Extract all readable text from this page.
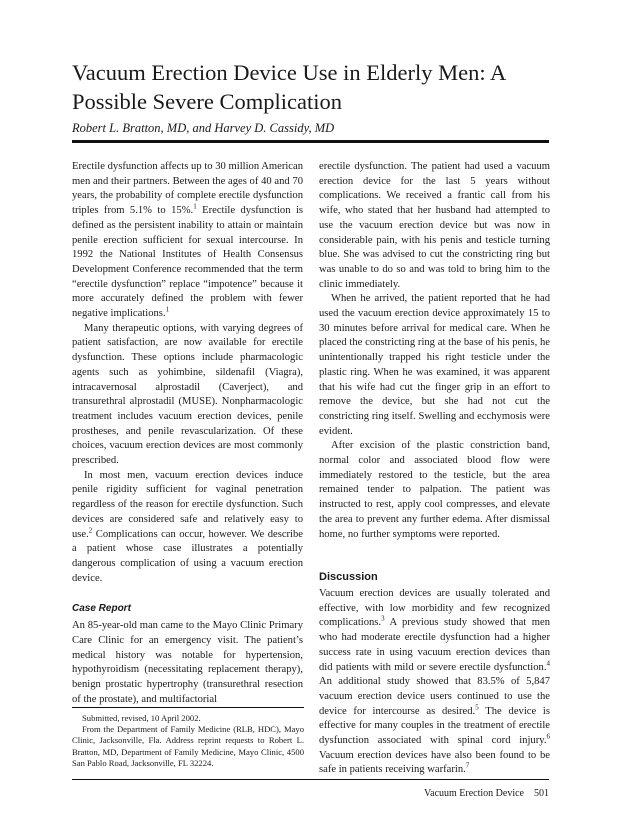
Vacuum Erection Device Use in Elderly Men: A Possible Severe Complication
Robert L. Bratton, MD, and Harvey D. Cassidy, MD

Erectile dysfunction affects up to 30 million American men and their partners. Between the ages of 40 and 70 years, the probability of complete erectile dysfunction triples from 5.1% to 15%.$^1$ Erectile dysfunction is defined as the persistent inability to attain or maintain penile erection sufficient for sexual intercourse. In 1992 the National Institutes of Health Consensus Development Conference recommended that the term “erectile dysfunction” replace “impotence” because it more accurately defined the problem with fewer negative implications.$^1$

Many therapeutic options, with varying degrees of patient satisfaction, are now available for erectile dysfunction. These options include pharmacologic agents such as yohimbine, sildenafil (Viagra), intracavernosal alprostadil (Caverject), and transurethral alprostadil (MUSE). Nonpharmacologic treatment includes vacuum erection devices, penile prostheses, and penile revascularization. Of these choices, vacuum erection devices are most commonly prescribed.

In most men, vacuum erection devices induce penile rigidity sufficient for vaginal penetration regardless of the reason for erectile dysfunction. Such devices are considered safe and relatively easy to use.$^2$ Complications can occur, however. We describe a patient whose case illustrates a potentially dangerous complication of using a vacuum erection device.

Case Report

An 85-year-old man came to the Mayo Clinic Primary Care Clinic for an emergency visit. The patient’s medical history was notable for hypertension, hypothyroidism (necessitating replacement therapy), benign prostatic hypertrophy (transurethral resection of the prostate), and multifactorial

erectile dysfunction. The patient had used a vacuum erection device for the last 5 years without complications. We received a frantic call from his wife, who stated that her husband had attempted to use the vacuum erection device but was now in considerable pain, with his penis and testicle turning blue. She was advised to cut the constricting ring but was unable to do so and was told to bring him to the clinic immediately.

When he arrived, the patient reported that he had used the vacuum erection device approximately 15 to 30 minutes before arrival for medical care. When he placed the constricting ring at the base of his penis, he unintentionally trapped his right testicle under the plastic ring. When he was examined, it was apparent that his wife had cut the finger grip in an effort to remove the device, but she had not cut the constricting ring itself. Swelling and ecchymosis were evident.

After excision of the plastic constriction band, normal color and associated blood flow were immediately restored to the testicle, but the area remained tender to palpation. The patient was instructed to rest, apply cool compresses, and elevate the area to prevent any further edema. After dismissal home, no further symptoms were reported.

Discussion

Vacuum erection devices are usually tolerated and effective, with low morbidity and few recognized complications.$^3$ A previous study showed that men who had moderate erectile dysfunction had a higher success rate in using vacuum erection devices than did patients with mild or severe erectile dysfunction.$^4$ An additional study showed that 83.5% of 5,847 vacuum erection device users continued to use the device for intercourse as desired.$^5$ The device is effective for many couples in the treatment of erectile dysfunction associated with spinal cord injury.$^6$ Vacuum erection devices have also been found to be safe in patients receiving warfarin.$^7$

Submitted, revised, 10 April 2002.

From the Department of Family Medicine (RLB, HDC), Mayo Clinic, Jacksonville, Fla. Address reprint requests to Robert L. Bratton, MD, Department of Family Medicine, Mayo Clinic, 4500 San Pablo Road, Jacksonville, FL 32224.

Vacuum Erection Device 501
